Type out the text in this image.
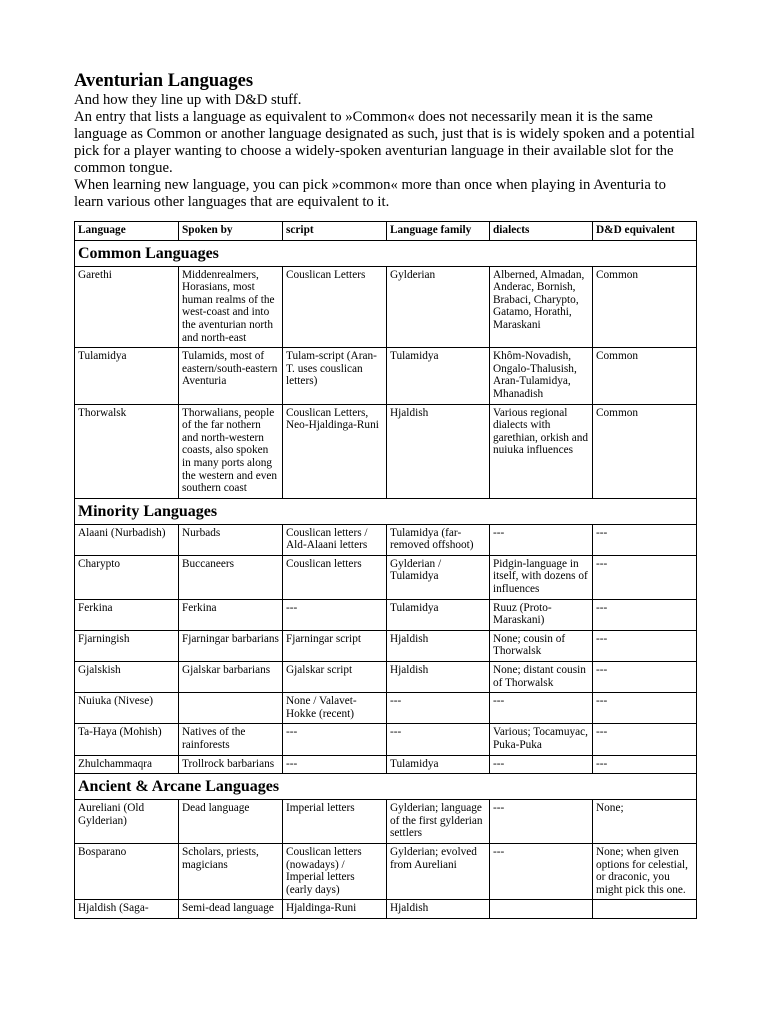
Aventurian Languages

And how they line up with D&D stuff.

An entry that lists a language as equivalent to »Common« does not necessarily mean it is the same language as Common or another language designated as such, just that is is widely spoken and a potential pick for a player wanting to choose a widely-spoken aventurian language in their available slot for the common tongue.

When learning new language, you can pick »common« more than once when playing in Aventuria to learn various other languages that are equivalent to it.

Language	Spoken by	script	Language family	dialects	D&D equivalent
Common Languages					
Garethi	Middenrealmers, Horasians, most human realms of the west-coast and into the aventurian north and north-east	Couslican Letters	Gylderian	Alberned, Almadan, Anderac, Bornish, Brabaci, Charypto, Gatamo, Horathi, Maraskani	Common
Tulamidya	Tulamids, most of eastern/south-eastern Aventuria	Tulam-script (Aran-T. uses couslican letters)	Tulamidya	Khôm-Novadish, Ongalo-Thalusish, Aran-Tulamidya, Mhanadish	Common
Thorwalsk	Thorwalians, people of the far nothern and north-western coasts, also spoken in many ports along the western and even southern coast	Couslican Letters, Neo-Hjaldinga-Runi	Hjaldish	Various regional dialects with garethian, orkish and nuiuka influences	Common
Minority Languages					
Alaani (Nurbadish)	Nurbads	Couslican letters / Ald-Alaani letters	Tulamidya (far-removed offshoot)	---	---
Charypto	Buccaneers	Couslican letters	Gylderian / Tulamidya	Pidgin-language in itself, with dozens of influences	---
Ferkina	Ferkina	---	Tulamidya	Ruuz (Proto-Maraskani)	---
Fjarningish	Fjarningar barbarians	Fjarningar script	Hjaldish	None; cousin of Thorwalsk	---
Gjalskish	Gjalskar barbarians	Gjalskar script	Hjaldish	None; distant cousin of Thorwalsk	---
Nuiuka (Nivese)		None / Valavet-Hokke (recent)	---	---	---
Ta-Haya (Mohish)	Natives of the rainforests	---	---	Various; Tocamuyac, Puka-Puka	---
Zhulchammaqra	Trollrock barbarians	---	Tulamidya	---	---
Ancient & Arcane Languages					
Aureliani (Old Gylderian)	Dead language	Imperial letters	Gylderian; language of the first gylderian settlers	---	None;
Bosparano	Scholars, priests, magicians	Couslican letters (nowadays) / Imperial letters (early days)	Gylderian; evolved from Aureliani	---	None; when given options for celestial, or draconic, you might pick this one.
Hjaldish (Saga-	Semi-dead language	Hjaldinga-Runi	Hjaldish		
